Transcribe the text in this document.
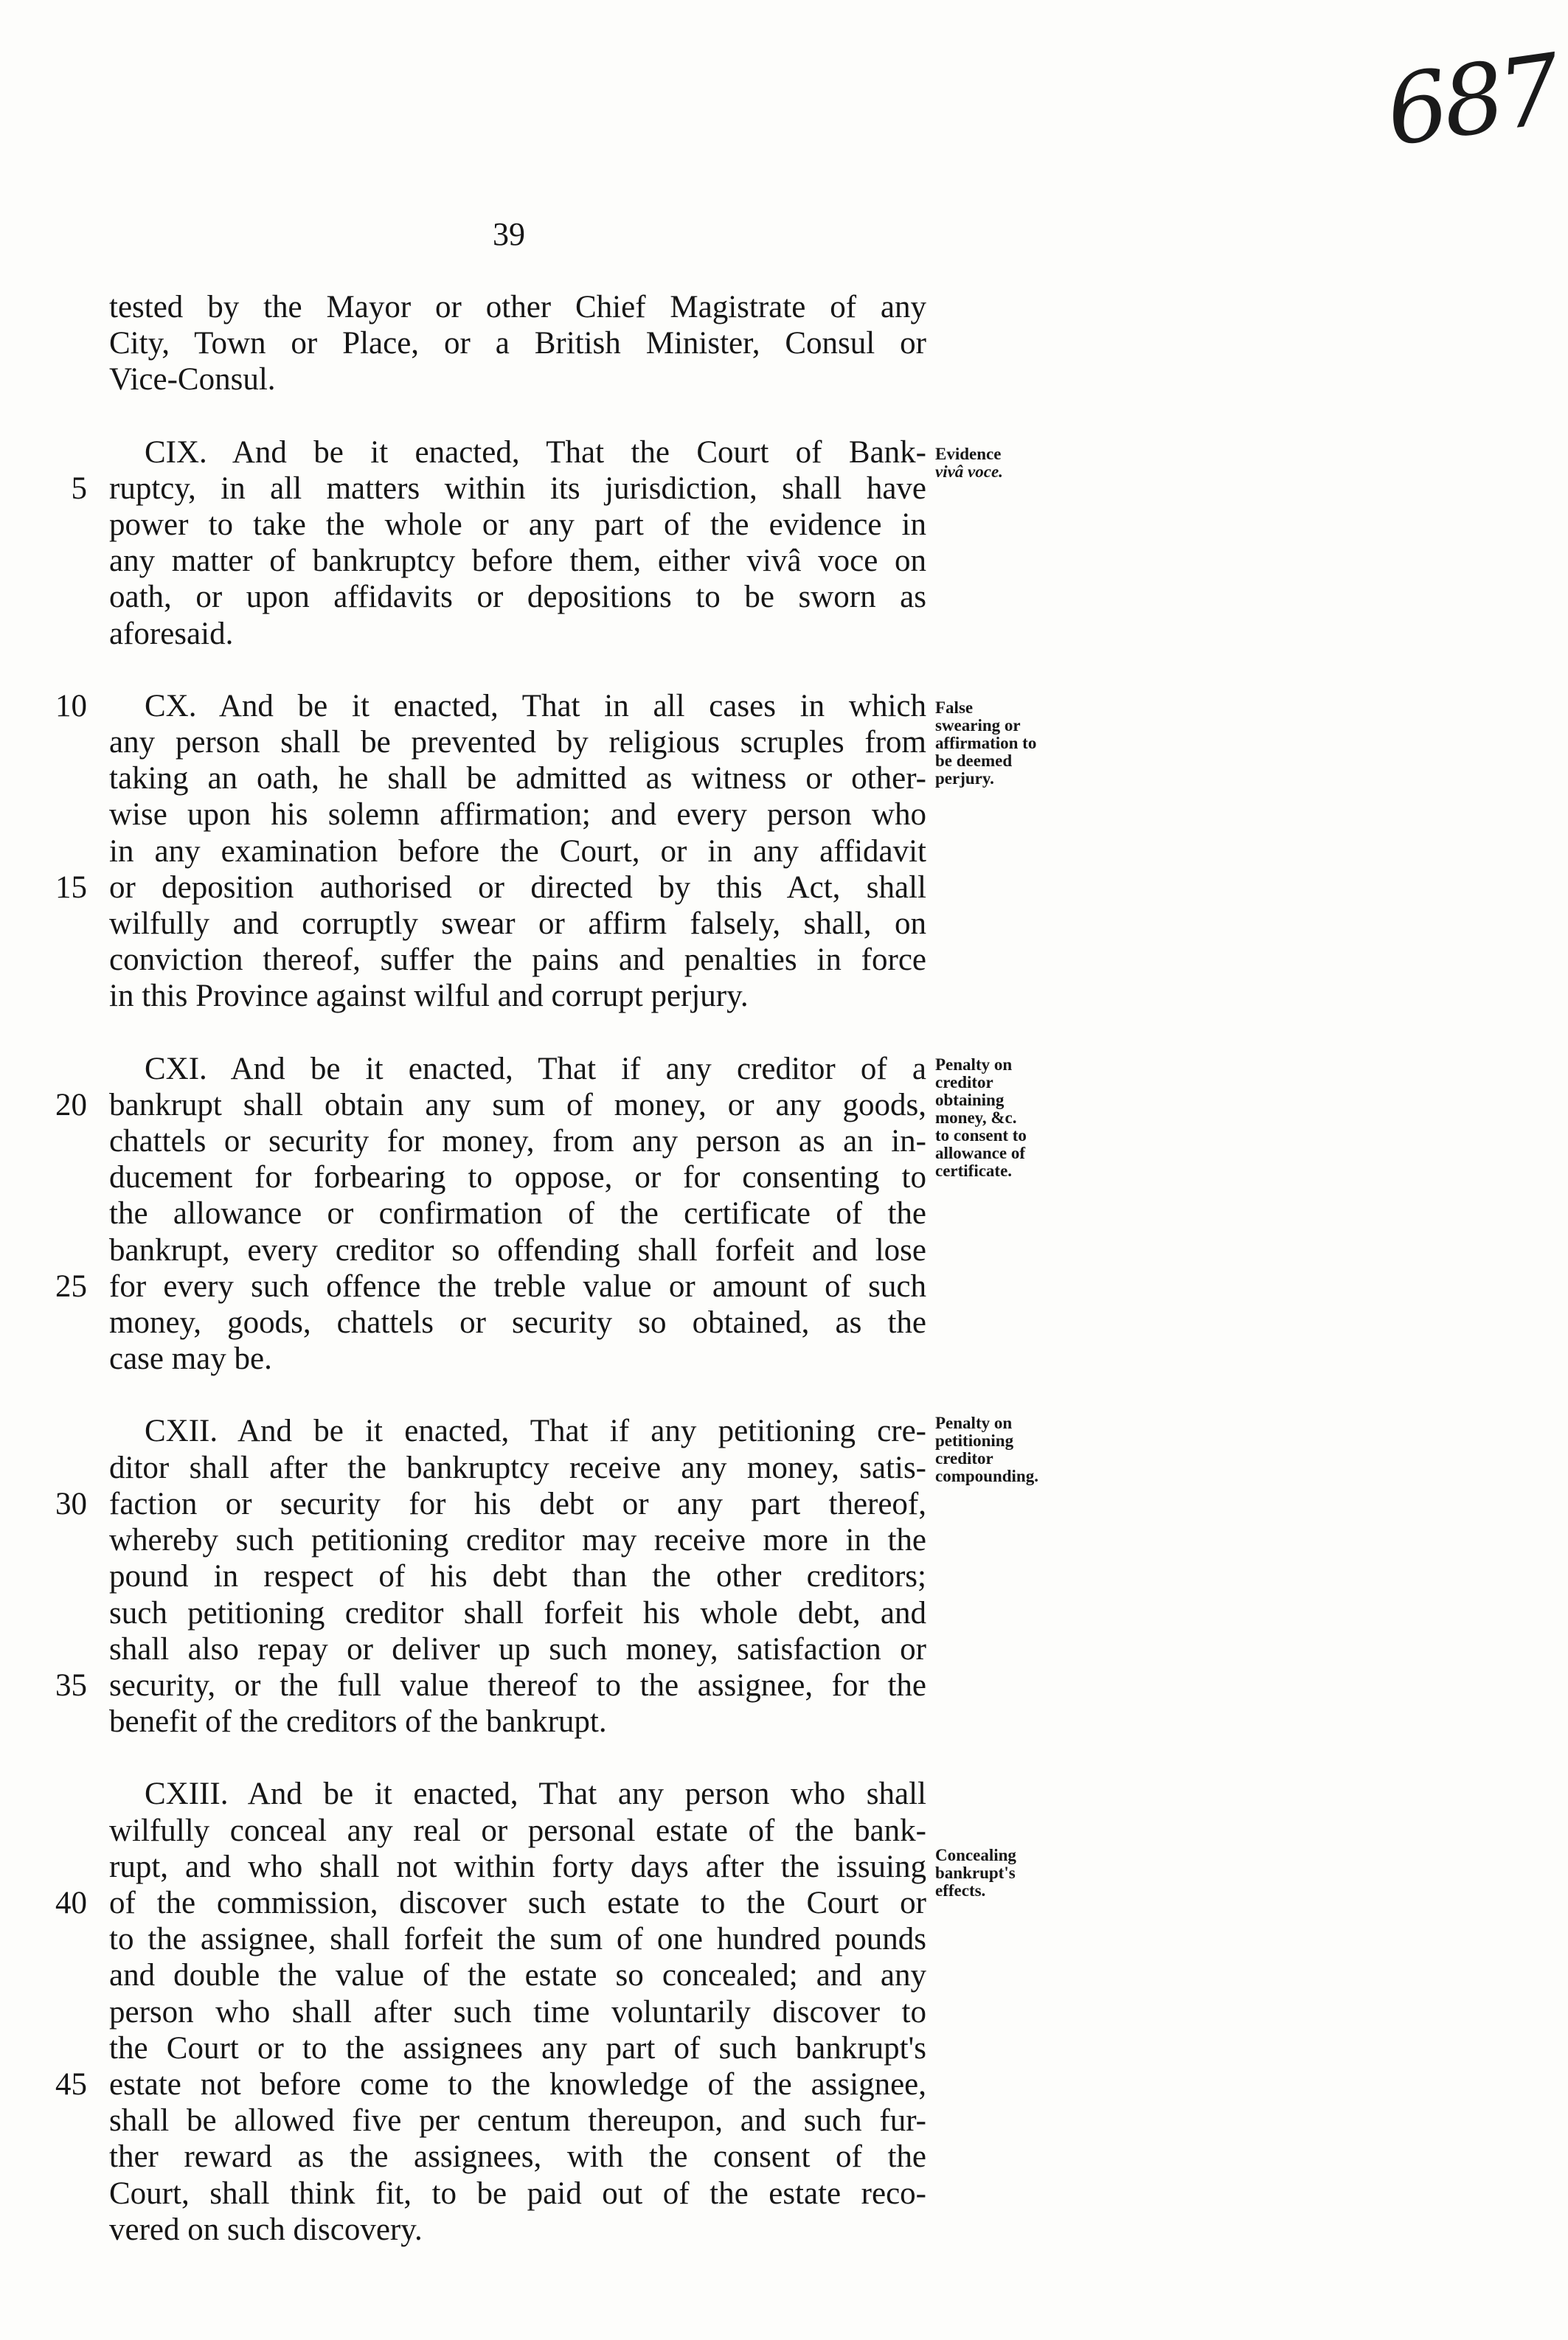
687
39
tested by the Mayor or other Chief Magistrate of any
City, Town or Place, or a British Minister, Consul or
Vice-Consul.
CIX. And be it enacted, That the Court of Bank-
5 ruptcy, in all matters within its jurisdiction, shall have
power to take the whole or any part of the evidence in
any matter of bankruptcy before them, either vivâ voce on
oath, or upon affidavits or depositions to be sworn as
aforesaid.
10	CX. And be it enacted, That in all cases in which
any person shall be prevented by religious scruples from
taking an oath, he shall be admitted as witness or other-
wise upon his solemn affirmation; and every person who
in any examination before the Court, or in any affidavit
15 or deposition authorised or directed by this Act, shall
wilfully and corruptly swear or affirm falsely, shall, on
conviction thereof, suffer the pains and penalties in force
in this Province against wilful and corrupt perjury.
CXI. And be it enacted, That if any creditor of a
20 bankrupt shall obtain any sum of money, or any goods,
chattels or security for money, from any person as an in-
ducement for forbearing to oppose, or for consenting to
the allowance or confirmation of the certificate of the
bankrupt, every creditor so offending shall forfeit and lose
25 for every such offence the treble value or amount of such
money, goods, chattels or security so obtained, as the
case may be.
CXII. And be it enacted, That if any petitioning cre-
ditor shall after the bankruptcy receive any money, satis-
30 faction or security for his debt or any part thereof,
whereby such petitioning creditor may receive more in the
pound in respect of his debt than the other creditors;
such petitioning creditor shall forfeit his whole debt, and
shall also repay or deliver up such money, satisfaction or
35 security, or the full value thereof to the assignee, for the
benefit of the creditors of the bankrupt.
CXIII. And be it enacted, That any person who shall
wilfully conceal any real or personal estate of the bank-
rupt, and who shall not within forty days after the issuing
40 of the commission, discover such estate to the Court or
to the assignee, shall forfeit the sum of one hundred pounds
and double the value of the estate so concealed; and any
person who shall after such time voluntarily discover to
the Court or to the assignees any part of such bankrupt's
45 estate not before come to the knowledge of the assignee,
shall be allowed five per centum thereupon, and such fur-
ther reward as the assignees, with the consent of the
Court, shall think fit, to be paid out of the estate reco-
vered on such discovery.
Evidence
vivâ voce.
False
swearing or
affirmation to
be deemed
perjury.
Penalty on
creditor
obtaining
money, &c.
to consent to
allowance of
certificate.
Penalty on
petitioning
creditor
compounding.
Concealing
bankrupt's
effects.
